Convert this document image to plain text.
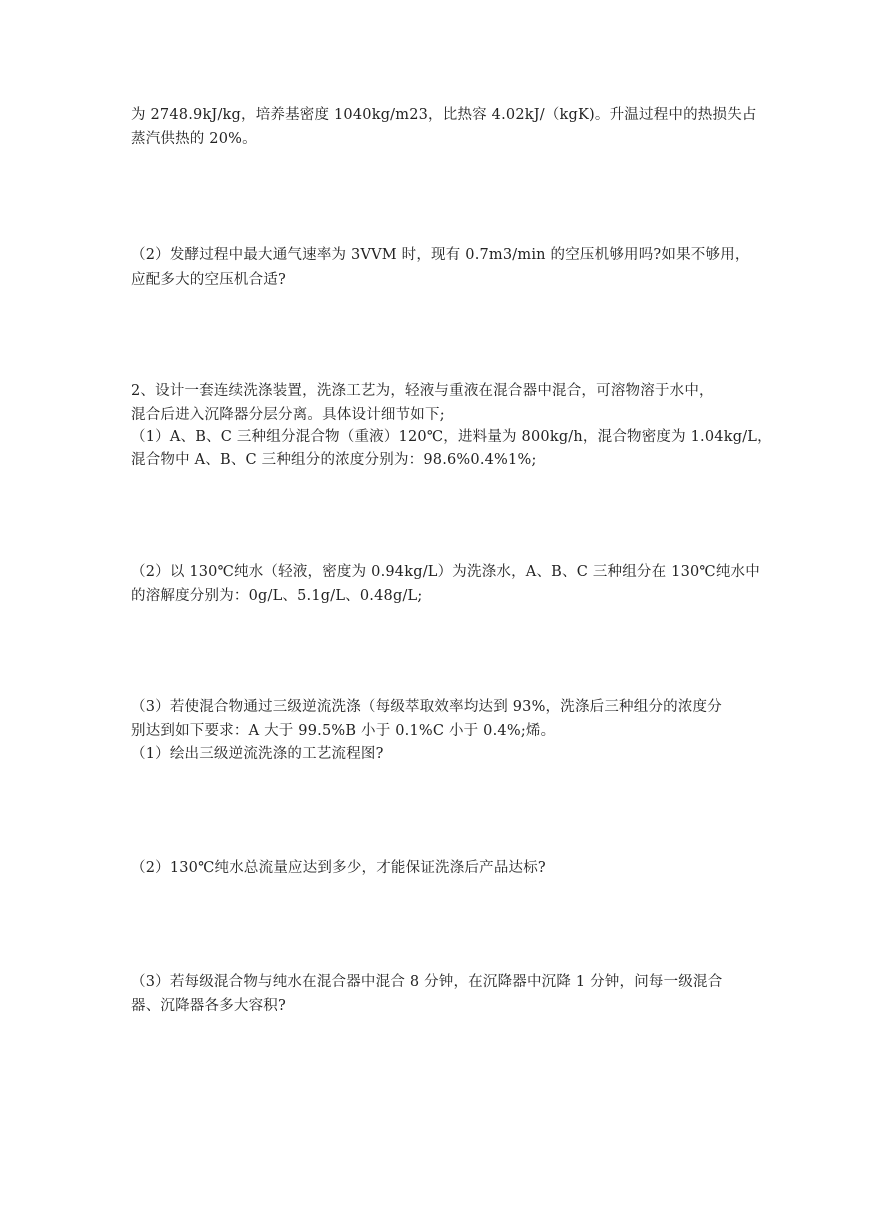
为 2748.9kJ/kg，培养基密度 1040kg/m23，比热容 4.02kJ/（kgK)。升温过程中的热损失占
蒸汽供热的 20%。
（2）发酵过程中最大通气速率为 3VVM 时，现有 0.7m3/min 的空压机够用吗?如果不够用，
应配多大的空压机合适?
2、设计一套连续洗涤装置，洗涤工艺为，轻液与重液在混合器中混合，可溶物溶于水中，
混合后进入沉降器分层分离。具体设计细节如下;
（1）A、B、C 三种组分混合物（重液）120℃，进料量为 800kg/h，混合物密度为 1.04kg/L，
混合物中 A、B、C 三种组分的浓度分别为：98.6%0.4%1%;
（2）以 130℃纯水（轻液，密度为 0.94kg/L）为洗涤水，A、B、C 三种组分在 130℃纯水中
的溶解度分别为：0g/L、5.1g/L、0.48g/L;
（3）若使混合物通过三级逆流洗涤（每级萃取效率均达到 93%，洗涤后三种组分的浓度分
别达到如下要求：A 大于 99.5%B 小于 0.1%C 小于 0.4%;烯。
（1）绘出三级逆流洗涤的工艺流程图?
（2）130℃纯水总流量应达到多少，才能保证洗涤后产品达标?
（3）若每级混合物与纯水在混合器中混合 8 分钟，在沉降器中沉降 1 分钟，问每一级混合
器、沉降器各多大容积?
